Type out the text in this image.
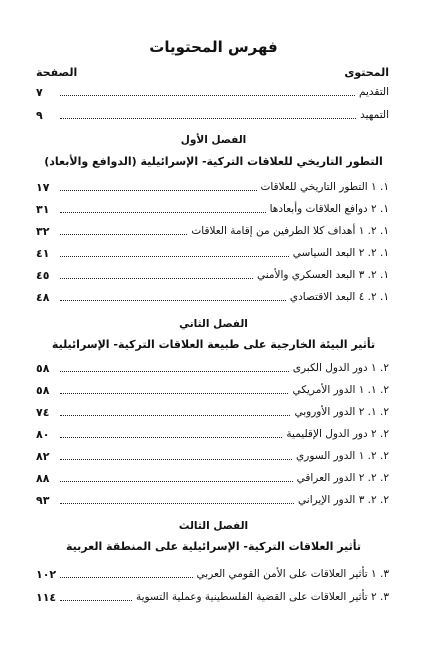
فهرس المحتويات
المحتوى
الصفحة
التقديم
٧
التمهيد
٩
الفصل الأول
التطور التاريخي للعلاقات التركية- الإسرائيلية (الدوافع والأبعاد)
١. ١ التطور التاريخي للعلاقات
١٧
١. ٢ دوافع العلاقات وأبعادها
٣١
١. ٢. ١ أهداف كلا الطرفين من إقامة العلاقات
٣٢
١. ٢. ٢ البعد السياسي
٤١
١. ٢. ٣ البعد العسكري والأمني
٤٥
١. ٢. ٤ البعد الاقتصادي
٤٨
الفصل الثاني
تأثير البيئة الخارجية على طبيعة العلاقات التركية- الإسرائيلية
٢. ١ دور الدول الكبرى
٥٨
٢. ١. ١ الدور الأمريكي
٥٨
٢. ١. ٢ الدور الأوروبي
٧٤
٢. ٢ دور الدول الإقليمية
٨٠
٢. ٢. ١ الدور السوري
٨٢
٢. ٢. ٢ الدور العراقي
٨٨
٢. ٢. ٣ الدور الإيراني
٩٣
الفصل الثالث
تأثير العلاقات التركية- الإسرائيلية على المنطقة العربية
٣. ١ تأثير العلاقات على الأمن القومي العربي
١٠٢
٣. ٢ تأثير العلاقات على القضية الفلسطينية وعملية التسوية
١١٤
